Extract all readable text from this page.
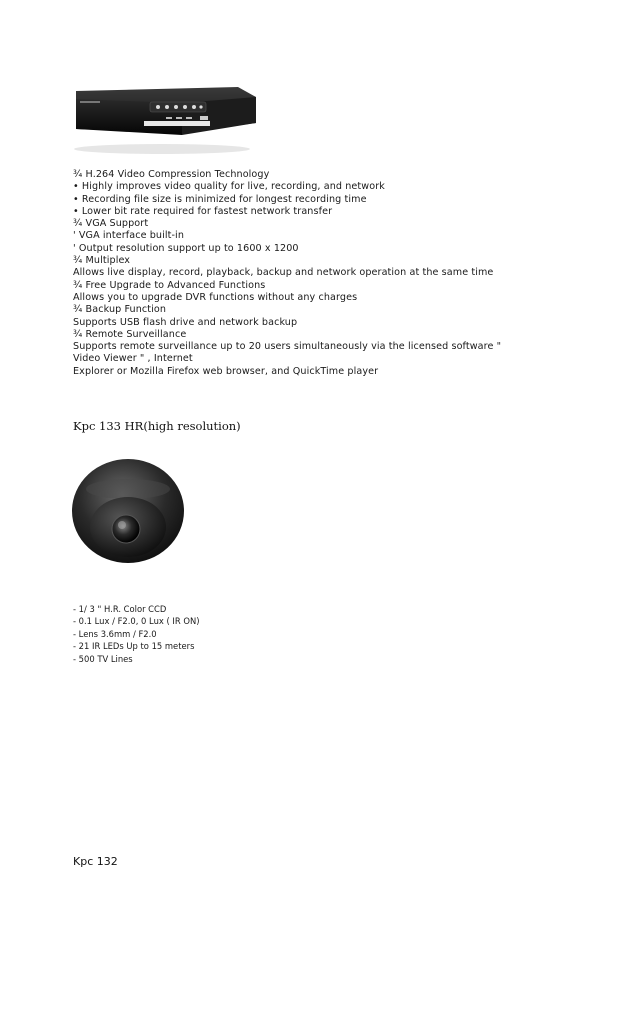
¾ H.264 Video Compression Technology
• Highly improves video quality for live, recording, and network
• Recording file size is minimized for longest recording time
• Lower bit rate required for fastest network transfer
¾ VGA Support
' VGA interface built-in
' Output resolution support up to 1600 x 1200
¾ Multiplex
Allows live display, record, playback, backup and network operation at the same time
¾ Free Upgrade to Advanced Functions
Allows you to upgrade DVR functions without any charges
¾ Backup Function
Supports USB flash drive and network backup
¾ Remote Surveillance
Supports remote surveillance up to 20 users simultaneously via the licensed software "
Video Viewer " , Internet
Explorer or Mozilla Firefox web browser, and QuickTime player
Kpc 133 HR(high resolution)
- 1/ 3 " H.R. Color CCD
- 0.1 Lux / F2.0, 0 Lux ( IR ON)
- Lens 3.6mm / F2.0
- 21 IR LEDs Up to 15 meters
- 500 TV Lines
Kpc 132
